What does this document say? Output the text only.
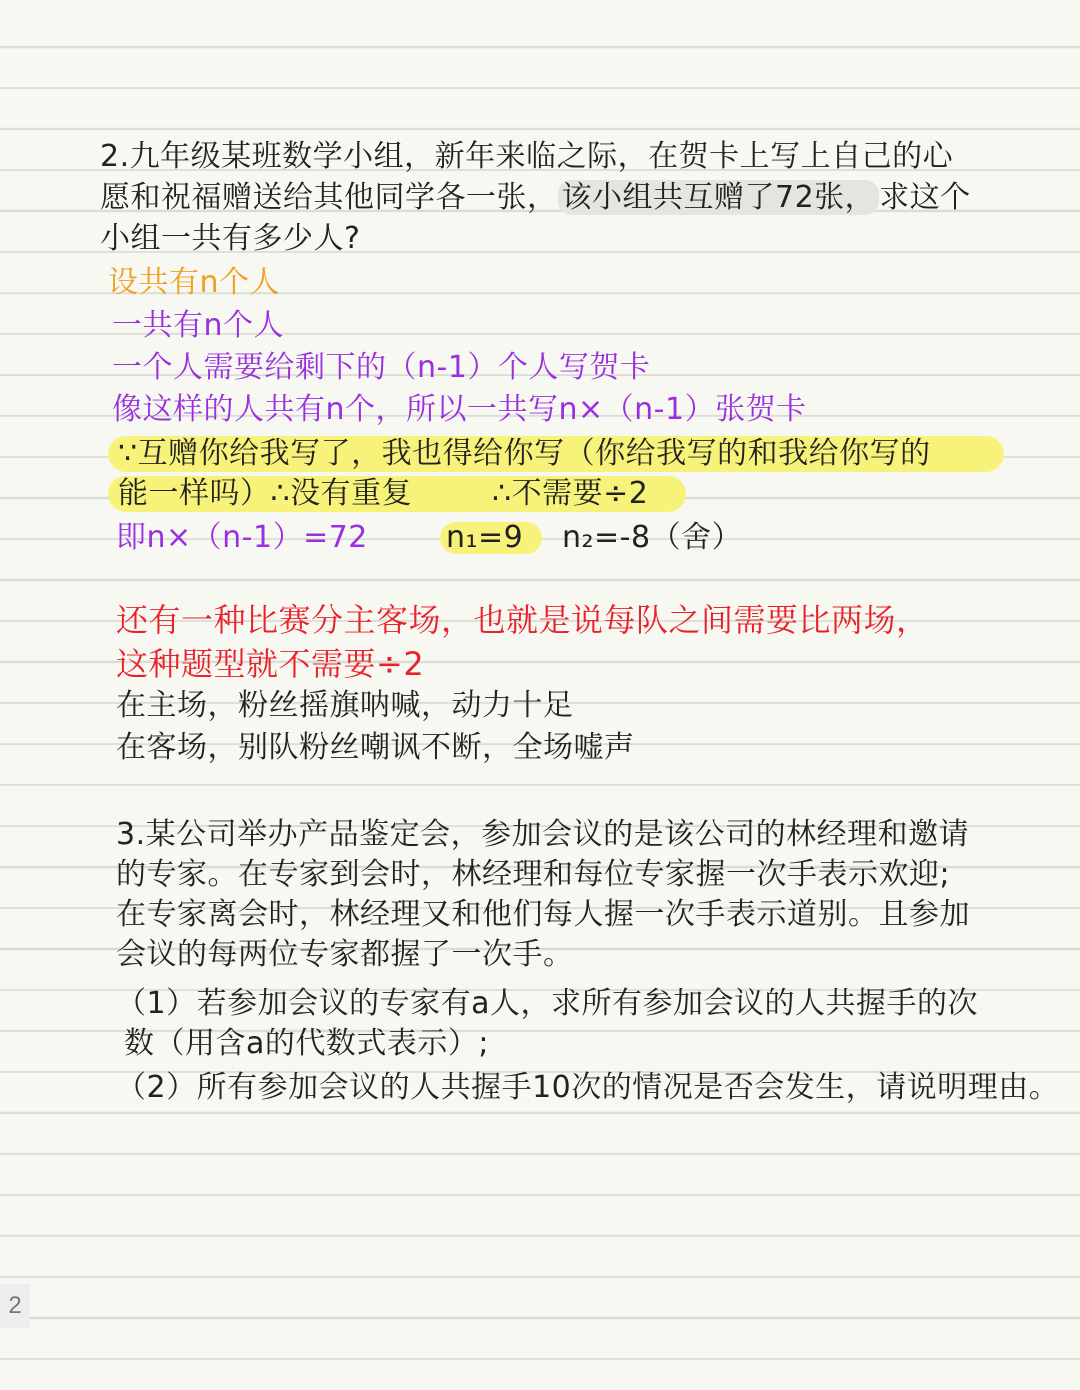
2.九年级某班数学小组，新年来临之际，在贺卡上写上自己的心
愿和祝福赠送给其他同学各一张， 该小组共互赠了72张， 求这个
小组一共有多少人?
设共有n个人
一共有n个人
一个人需要给剩下的（n-1）个人写贺卡
像这样的人共有n个，所以一共写n×（n-1）张贺卡
∵互赠你给我写了，我也得给你写（你给我写的和我给你写的
能一样吗）∴没有重复	∴不需要÷2
即n×（n-1）=72	n₁=9 n₂=-8（舍）
还有一种比赛分主客场，也就是说每队之间需要比两场，
这种题型就不需要÷2
在主场，粉丝摇旗呐喊，动力十足
在客场，别队粉丝嘲讽不断，全场嘘声
3.某公司举办产品鉴定会，参加会议的是该公司的林经理和邀请
的专家。在专家到会时，林经理和每位专家握一次手表示欢迎;
在专家离会时，林经理又和他们每人握一次手表示道别。且参加
会议的每两位专家都握了一次手。
（1）若参加会议的专家有a人，求所有参加会议的人共握手的次
数（用含a的代数式表示）;
（2）所有参加会议的人共握手10次的情况是否会发生，请说明理由。
2
